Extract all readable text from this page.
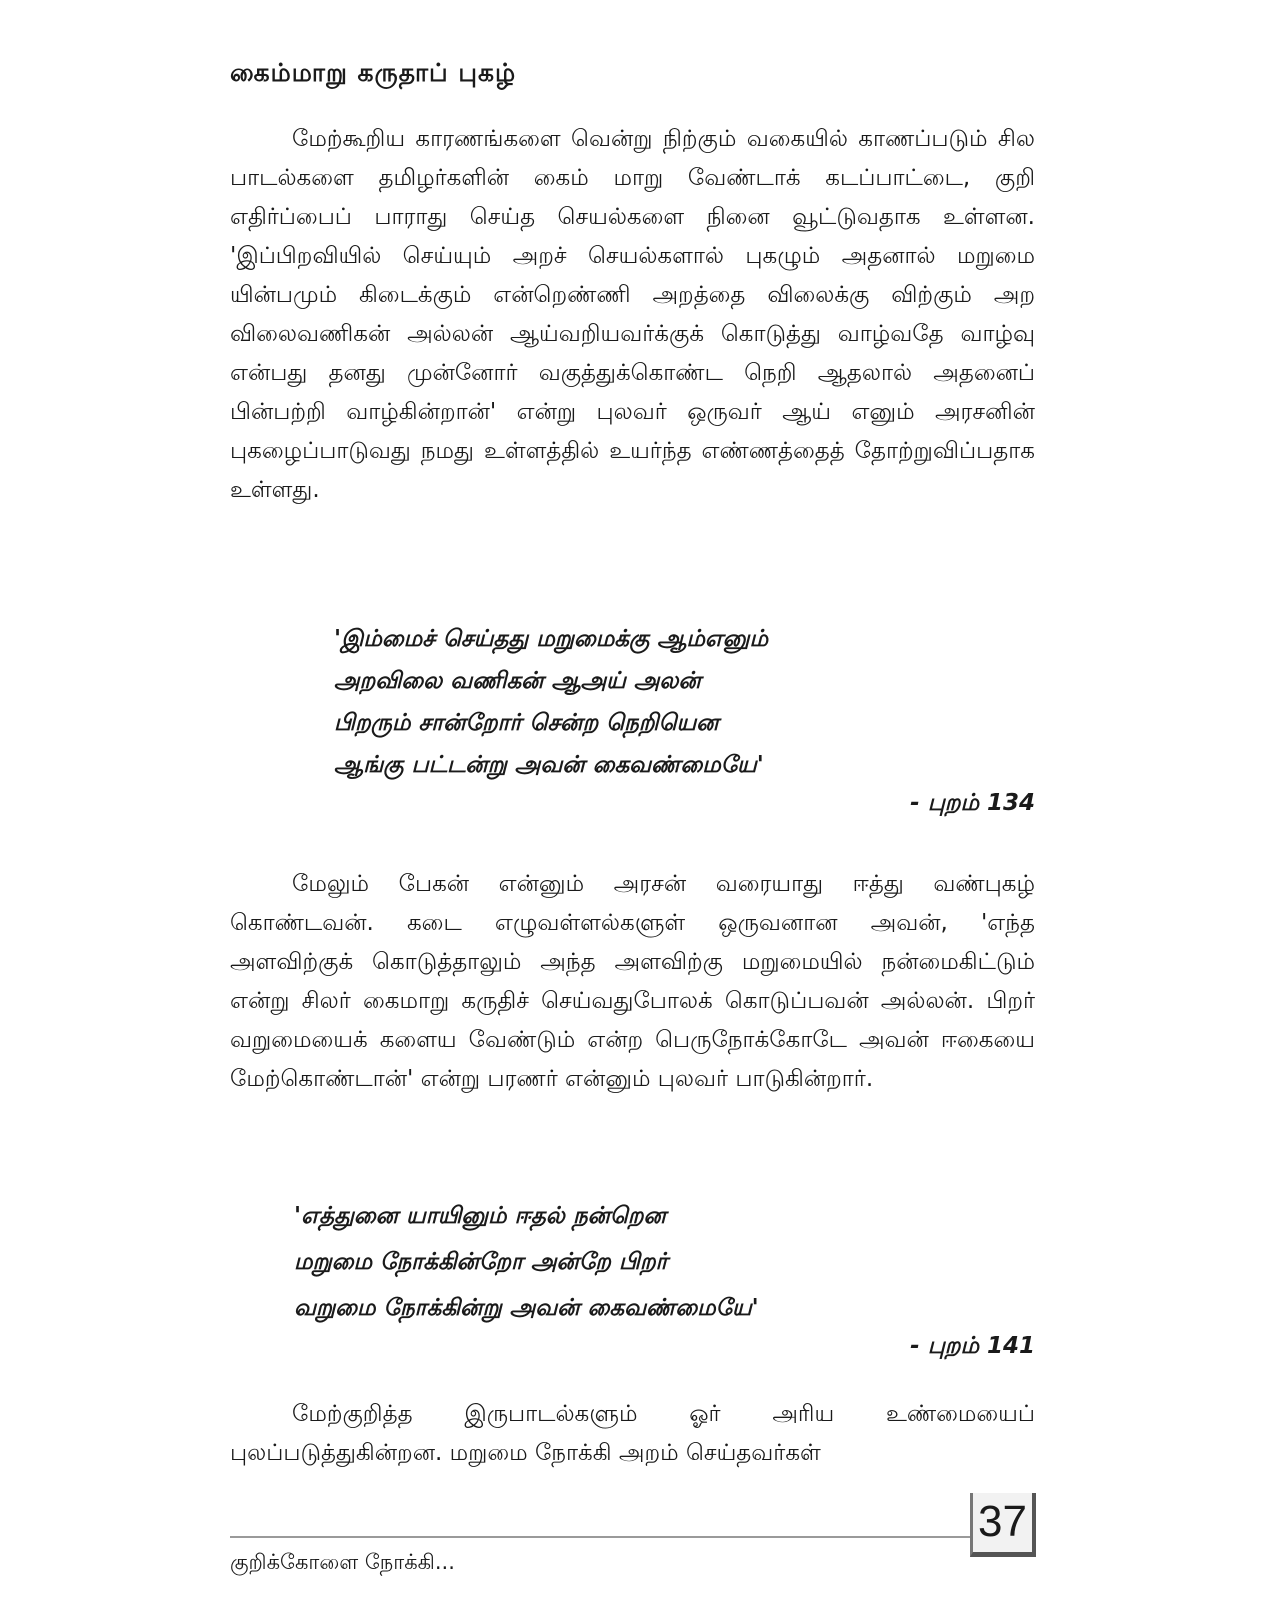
கைம்மாறு கருதாப் புகழ்

மேற்கூறிய காரணங்களை வென்று நிற்கும் வகையில் காணப்படும் சில பாடல்களை தமிழர்களின் கைம் மாறு வேண்டாக் கடப்பாட்டை, குறி எதிர்ப்பைப் பாராது செய்த செயல்களை நினை வூட்டுவதாக உள்ளன. 'இப்பிறவியில் செய்யும் அறச் செயல்களால் புகழும் அதனால் மறுமை யின்பமும் கிடைக்கும் என்றெண்ணி அறத்தை விலைக்கு விற்கும் அற விலைவணிகன் அல்லன் ஆய்வறியவர்க்குக் கொடுத்து வாழ்வதே வாழ்வு என்பது தனது முன்னோர் வகுத்துக்கொண்ட நெறி ஆதலால் அதனைப் பின்பற்றி வாழ்கின்றான்' என்று புலவர் ஒருவர் ஆய் எனும் அரசனின் புகழைப்பாடுவது நமது உள்ளத்தில் உயர்ந்த எண்ணத்தைத் தோற்றுவிப்பதாக உள்ளது.

'இம்மைச் செய்தது மறுமைக்கு ஆம்எனும்
அறவிலை வணிகன் ஆஅய் அலன்
பிறரும் சான்றோர் சென்ற நெறியென
ஆங்கு பட்டன்று அவன் கைவண்மையே'
- புறம் 134

மேலும் பேகன் என்னும் அரசன் வரையாது ஈத்து வண்புகழ் கொண்டவன். கடை எழுவள்ளல்களுள் ஒருவனான அவன், 'எந்த அளவிற்குக் கொடுத்தாலும் அந்த அளவிற்கு மறுமையில் நன்மைகிட்டும் என்று சிலர் கைமாறு கருதிச் செய்வதுபோலக் கொடுப்பவன் அல்லன். பிறர் வறுமையைக் களைய வேண்டும் என்ற பெருநோக்கோடே அவன் ஈகையை மேற்கொண்டான்' என்று பரணர் என்னும் புலவர் பாடுகின்றார்.

'எத்துனை யாயினும் ஈதல் நன்றென
மறுமை நோக்கின்றோ அன்றே பிறர்
வறுமை நோக்கின்று அவன் கைவண்மையே'
- புறம் 141

மேற்குறித்த இருபாடல்களும் ஓர் அரிய உண்மையைப் புலப்படுத்துகின்றன. மறுமை நோக்கி அறம் செய்தவர்கள்

37
குறிக்கோளை நோக்கி...
